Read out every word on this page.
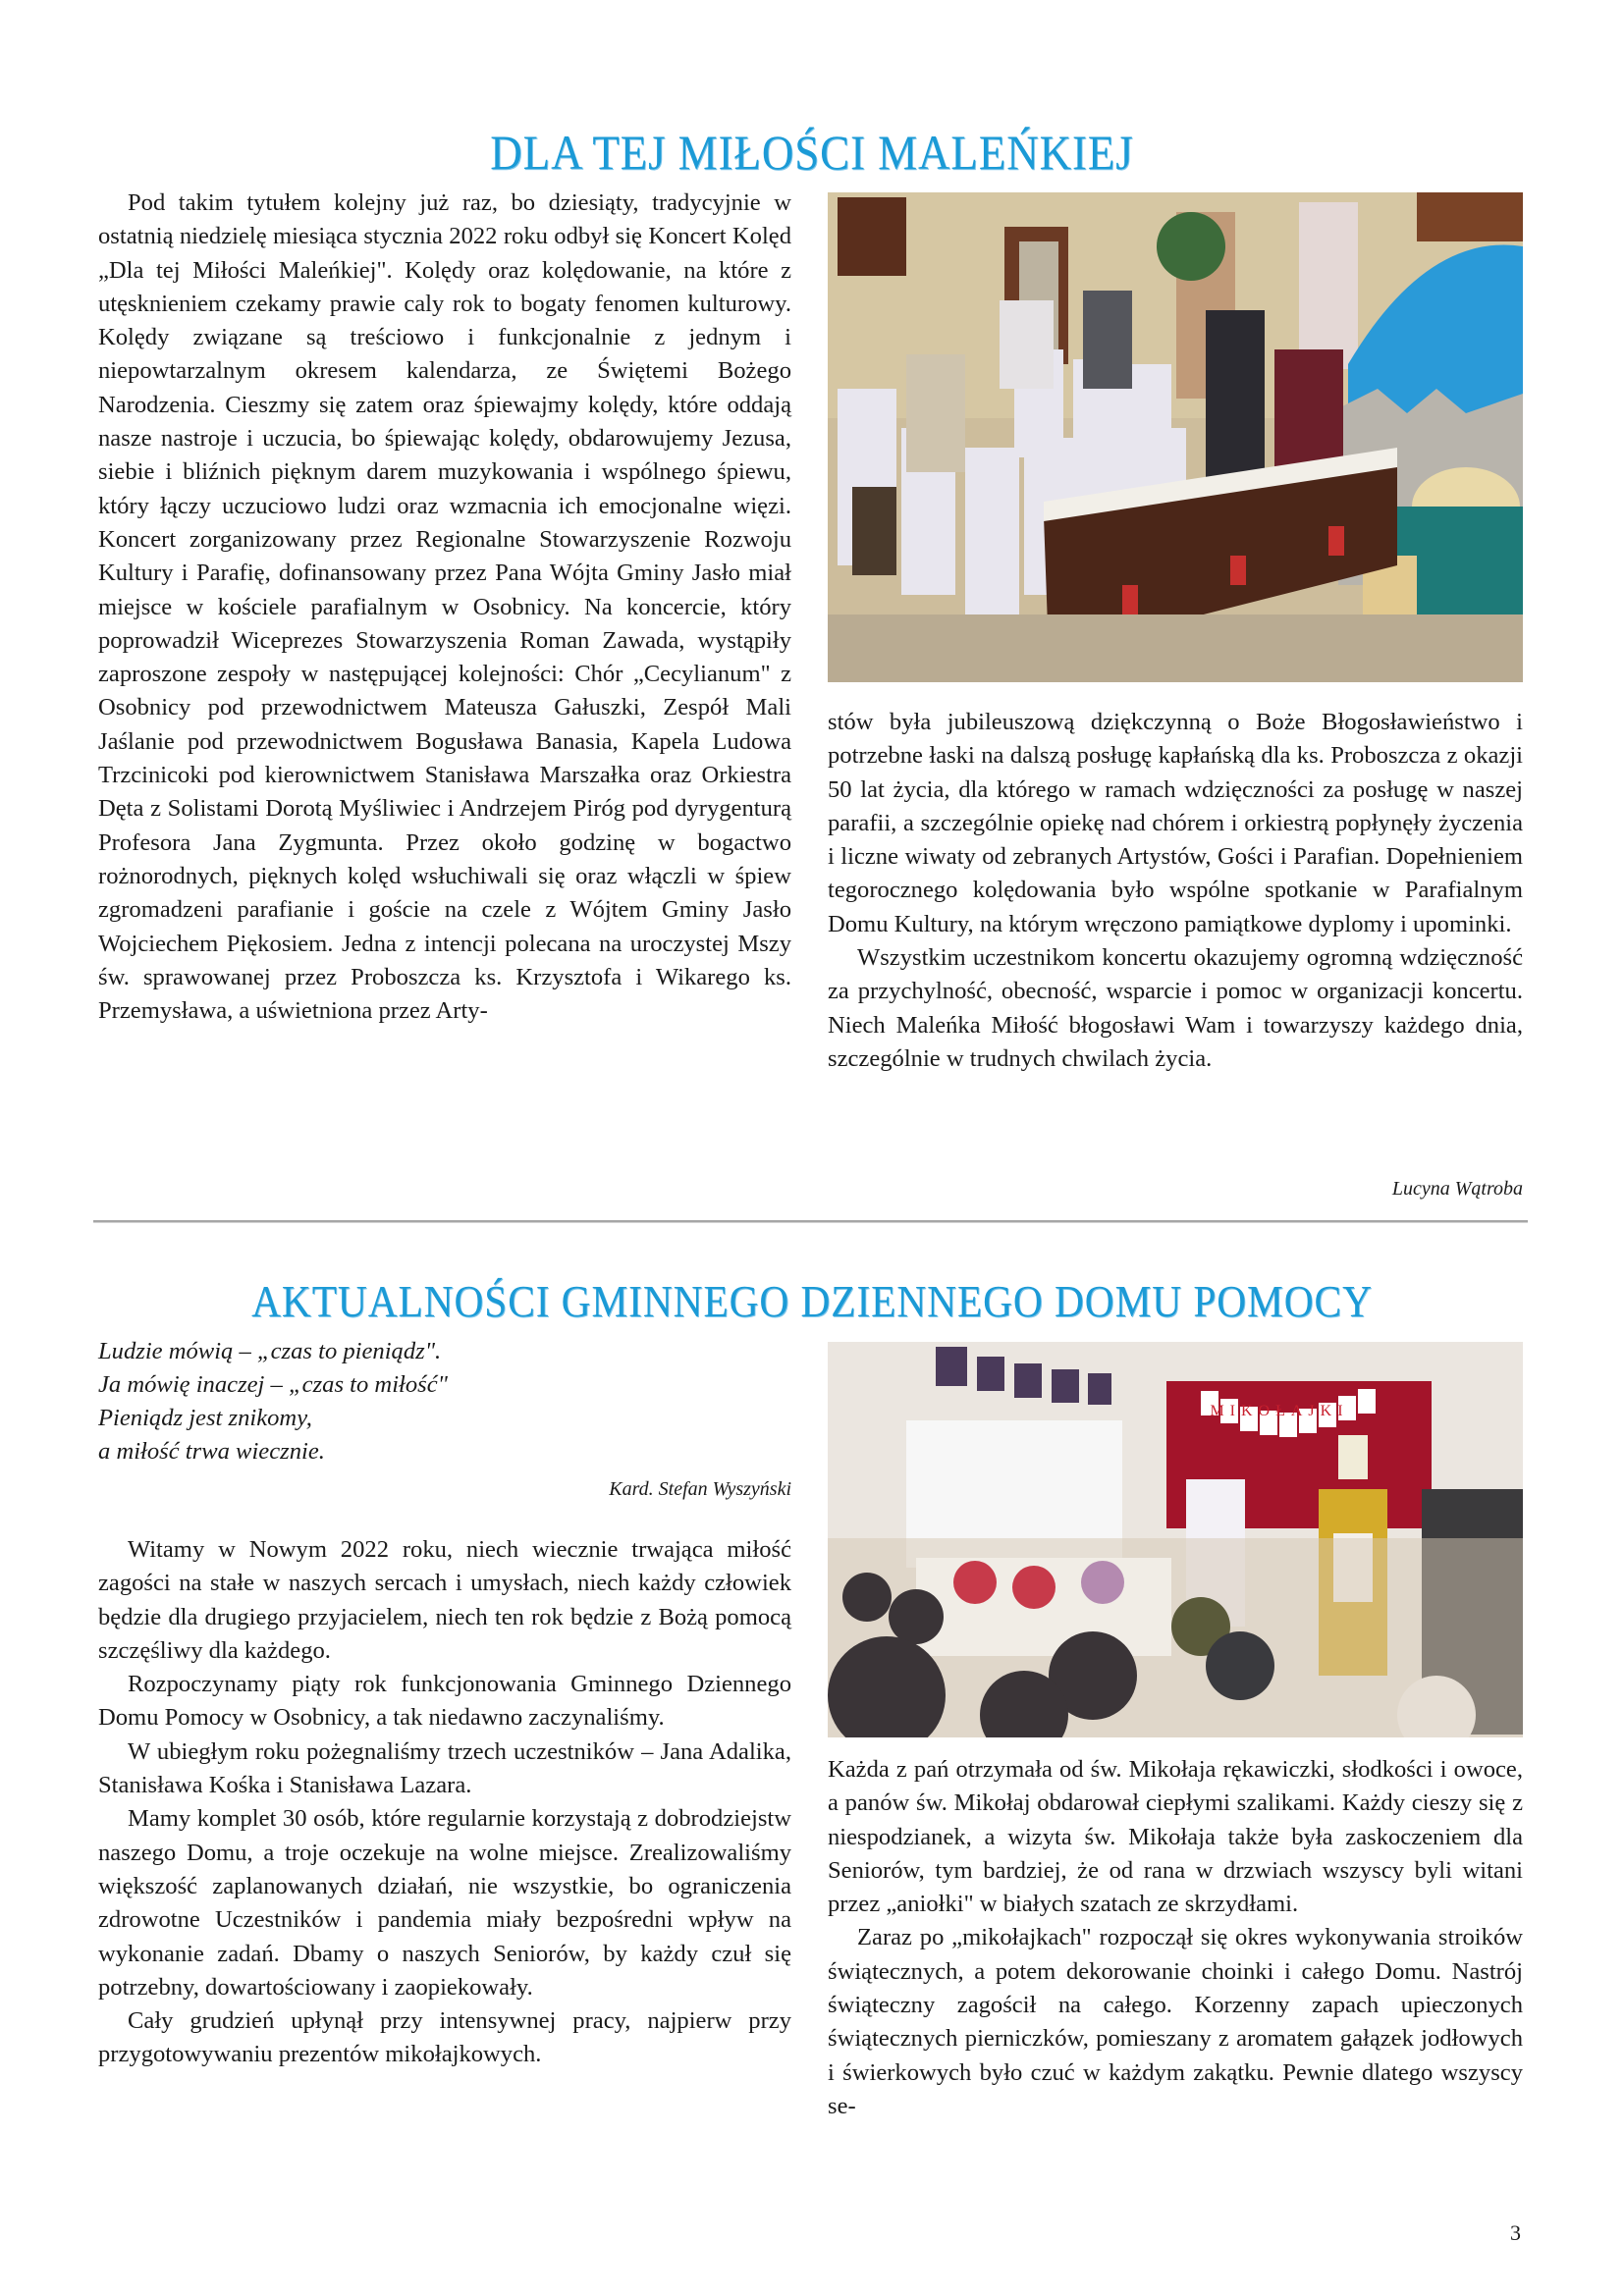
DLA TEJ MIŁOŚCI MALEŃKIEJ

Pod takim tytułem kolejny już raz, bo dziesiąty, tradycyjnie w ostatnią niedzielę miesiąca stycznia 2022 roku odbył się Koncert Kolęd „Dla tej Miłości Maleńkiej". Kolędy oraz kolędowanie, na które z utęsknieniem czekamy prawie caly rok to bogaty fenomen kulturowy. Kolędy związane są treściowo i funkcjonalnie z jednym i niepowtarzalnym okresem kalendarza, ze Świętemi Bożego Narodzenia. Cieszmy się zatem oraz śpiewajmy kolędy, które oddają nasze nastroje i uczucia, bo śpiewając kolędy, obdarowujemy Jezusa, siebie i bliźnich pięknym darem muzykowania i wspólnego śpiewu, który łączy uczuciowo ludzi oraz wzmacnia ich emocjonalne więzi. Koncert zorganizowany przez Regionalne Stowarzyszenie Rozwoju Kultury i Parafię, dofinansowany przez Pana Wójta Gminy Jasło miał miejsce w kościele parafialnym w Osobnicy. Na koncercie, który poprowadził Wiceprezes Stowarzyszenia Roman Zawada, wystąpiły zaproszone zespoły w następującej kolejności: Chór „Cecylianum" z Osobnicy pod przewodnictwem Mateusza Gałuszki, Zespół Mali Jaślanie pod przewodnictwem Bogusława Banasia, Kapela Ludowa Trzcinicoki pod kierownictwem Stanisława Marszałka oraz Orkiestra Dęta z Solistami Dorotą Myśliwiec i Andrzejem Piróg pod dyrygenturą Profesora Jana Zygmunta. Przez około godzinę w bogactwo rożnorodnych, pięknych kolęd wsłuchiwali się oraz włączli w śpiew zgromadzeni parafianie i goście na czele z Wójtem Gminy Jasło Wojciechem Piękosiem. Jedna z intencji polecana na uroczystej Mszy św. sprawowanej przez Proboszcza ks. Krzysztofa i Wikarego ks. Przemysława, a uświetniona przez Arty-

stów była jubileuszową dziękczynną o Boże Błogosławieństwo i potrzebne łaski na dalszą posługę kapłańską dla ks. Proboszcza z okazji 50 lat życia, dla którego w ramach wdzięczności za posługę w naszej parafii, a szczególnie opiekę nad chórem i orkiestrą popłynęły życzenia i liczne wiwaty od zebranych Artystów, Gości i Parafian. Dopełnieniem tegorocznego kolędowania było wspólne spotkanie w Parafialnym Domu Kultury, na którym wręczono pamiątkowe dyplomy i upominki.

Wszystkim uczestnikom koncertu okazujemy ogromną wdzięczność za przychylność, obecność, wsparcie i pomoc w organizacji koncertu. Niech Maleńka Miłość błogosławi Wam i towarzyszy każdego dnia, szczególnie w trudnych chwilach życia.

Lucyna Wątroba
AKTUALNOŚCI GMINNEGO DZIENNEGO DOMU POMOCY
Ludzie mówią – „czas to pieniądz".
Ja mówię inaczej – „czas to miłość"
Pieniądz jest znikomy,
a miłość trwa wiecznie.
Kard. Stefan Wyszyński

Witamy w Nowym 2022 roku, niech wiecznie trwająca miłość zagości na stałe w naszych sercach i umysłach, niech każdy człowiek będzie dla drugiego przyjacielem, niech ten rok będzie z Bożą pomocą szczęśliwy dla każdego.

Rozpoczynamy piąty rok funkcjonowania Gminnego Dziennego Domu Pomocy w Osobnicy, a tak niedawno zaczynaliśmy.

W ubiegłym roku pożegnaliśmy trzech uczestników – Jana Adalika, Stanisława Kośka i Stanisława Lazara.

Mamy komplet 30 osób, które regularnie korzystają z dobrodziejstw naszego Domu, a troje oczekuje na wolne miejsce. Zrealizowaliśmy większość zaplanowanych działań, nie wszystkie, bo ograniczenia zdrowotne Uczestników i pandemia miały bezpośredni wpływ na wykonanie zadań. Dbamy o naszych Seniorów, by każdy czuł się potrzebny, dowartościowany i zaopiekowały.

Cały grudzień upłynął przy intensywnej pracy, najpierw przy przygotowywaniu prezentów mikołajkowych.

MIKOŁAJKI

Każda z pań otrzymała od św. Mikołaja rękawiczki, słodkości i owoce, a panów św. Mikołaj obdarował ciepłymi szalikami. Każdy cieszy się z niespodzianek, a wizyta św. Mikołaja także była zaskoczeniem dla Seniorów, tym bardziej, że od rana w drzwiach wszyscy byli witani przez „aniołki" w białych szatach ze skrzydłami.

Zaraz po „mikołajkach" rozpoczął się okres wykonywania stroików świątecznych, a potem dekorowanie choinki i całego Domu. Nastrój świąteczny zagościł na całego. Korzenny zapach upieczonych świątecznych pierniczków, pomieszany z aromatem gałązek jodłowych i świerkowych było czuć w każdym zakątku. Pewnie dlatego wszyscy se-

3
